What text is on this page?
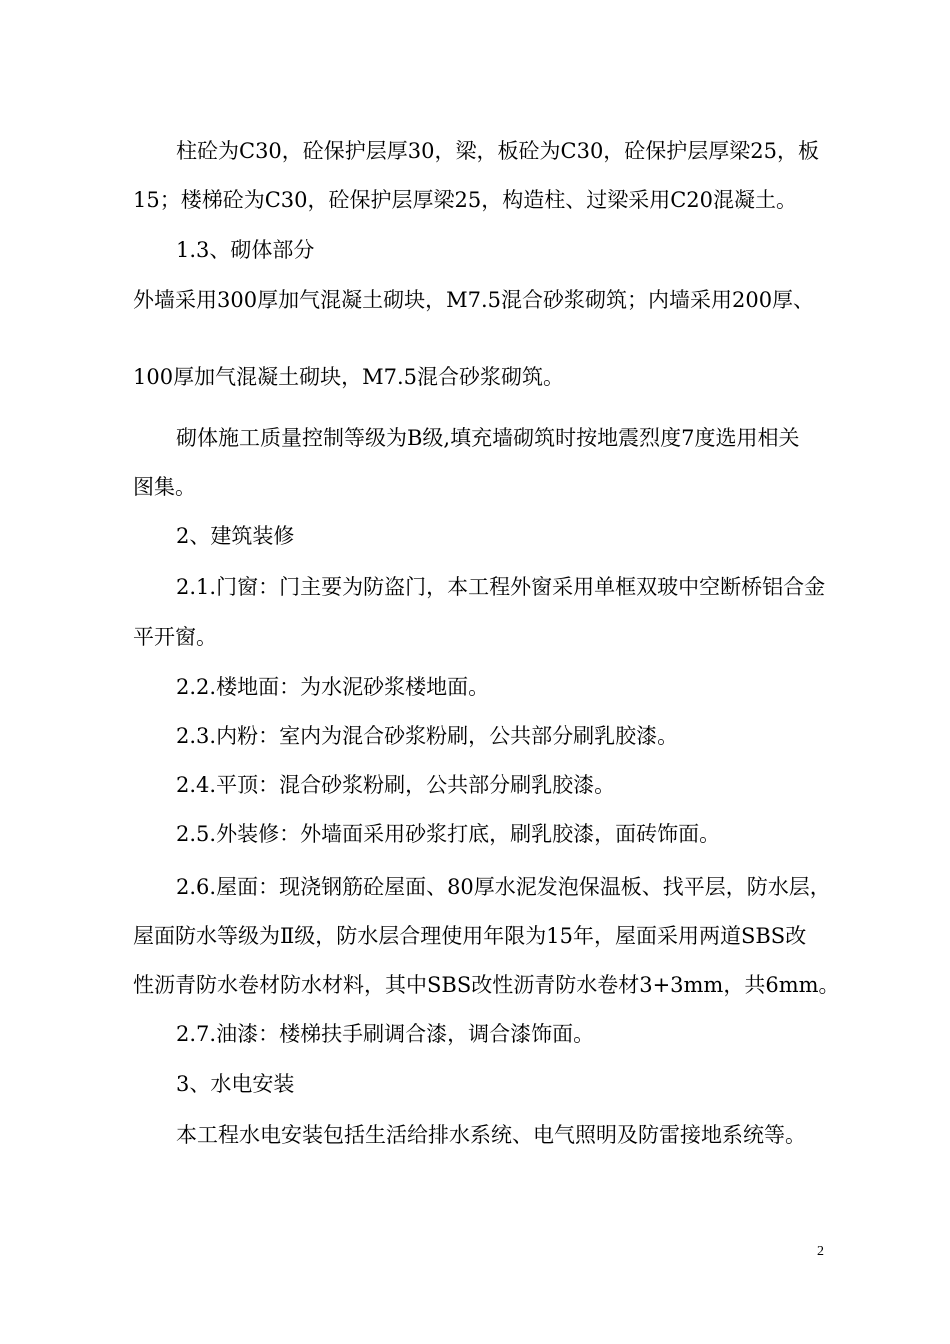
柱砼为C30，砼保护层厚30，梁，板砼为C30，砼保护层厚梁25，板
15；楼梯砼为C30，砼保护层厚梁25，构造柱、过梁采用C20混凝土。
1.3、砌体部分
外墙采用300厚加气混凝土砌块，M7.5混合砂浆砌筑；内墙采用200厚、
100厚加气混凝土砌块，M7.5混合砂浆砌筑。
砌体施工质量控制等级为B级,填充墙砌筑时按地震烈度7度选用相关
图集。
2、建筑装修
2.1.门窗：门主要为防盗门，本工程外窗采用单框双玻中空断桥铝合金
平开窗。
2.2.楼地面：为水泥砂浆楼地面。
2.3.内粉：室内为混合砂浆粉刷，公共部分刷乳胶漆。
2.4.平顶：混合砂浆粉刷，公共部分刷乳胶漆。
2.5.外装修：外墙面采用砂浆打底，刷乳胶漆，面砖饰面。
2.6.屋面：现浇钢筋砼屋面、80厚水泥发泡保温板、找平层，防水层，
屋面防水等级为Ⅱ级，防水层合理使用年限为15年，屋面采用两道SBS改
性沥青防水卷材防水材料，其中SBS改性沥青防水卷材3+3mm，共6mm。
2.7.油漆：楼梯扶手刷调合漆，调合漆饰面。
3、水电安装
本工程水电安装包括生活给排水系统、电气照明及防雷接地系统等。
2
